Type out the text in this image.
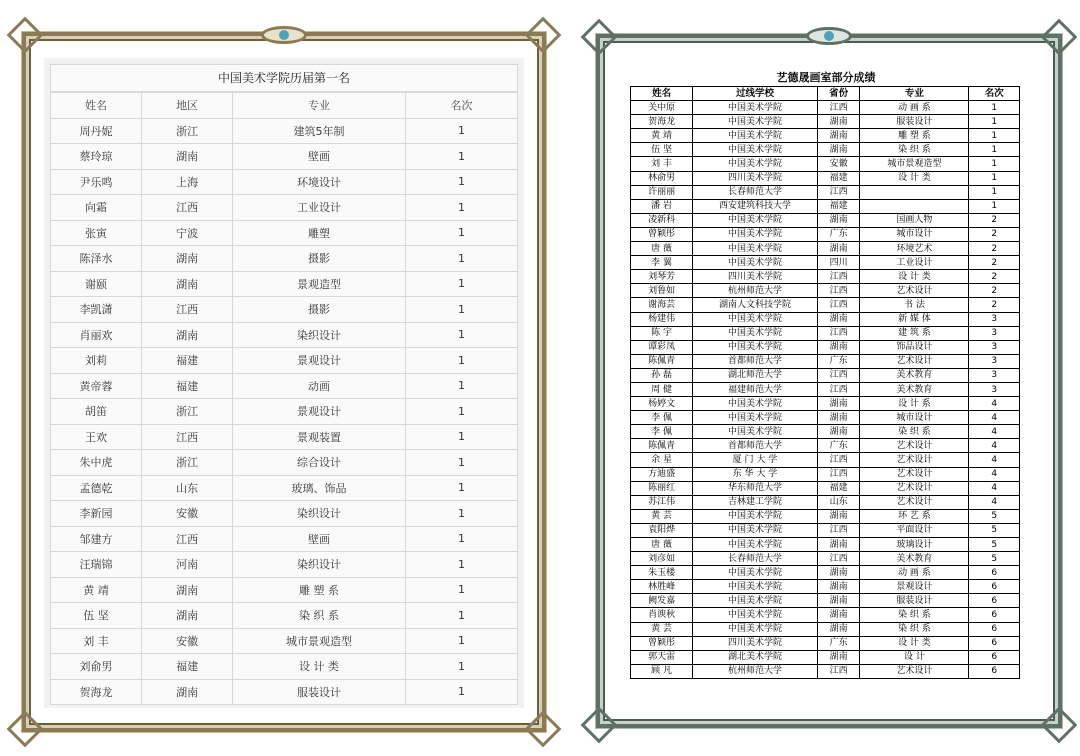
中国美术学院历届第一名
姓名	地区	专业	名次
周丹妮	浙江	建筑5年制	1
蔡玲琼	湖南	壁画	1
尹乐鸣	上海	环境设计	1
向霜	江西	工业设计	1
张寅	宁波	雕塑	1
陈泽水	湖南	摄影	1
谢颐	湖南	景观造型	1
李凯潇	江西	摄影	1
肖丽欢	湖南	染织设计	1
刘莉	福建	景观设计	1
黄帝蓉	福建	动画	1
胡笛	浙江	景观设计	1
王欢	江西	景观装置	1
朱中虎	浙江	综合设计	1
孟德乾	山东	玻璃、饰品	1
李新园	安徽	染织设计	1
邹建方	江西	壁画	1
汪瑞锦	河南	染织设计	1
黄 靖	湖南	雕 塑 系	1
伍 坚	湖南	染 织 系	1
刘 丰	安徽	城市景观造型	1
刘俞男	福建	设 计 类	1
贺海龙	湖南	服装设计	1
艺德晟画室部分成绩
姓名	过线学校	省份	专业	名次
关中原	中国美术学院	江西	动 画 系	1
贺海龙	中国美术学院	湖南	服装设计	1
黄 靖	中国美术学院	湖南	雕 塑 系	1
伍 坚	中国美术学院	湖南	染 织 系	1
刘 丰	中国美术学院	安徽	城市景观造型	1
林俞男	四川美术学院	福建	设 计 类	1
许丽丽	长春师范大学	江西		1
潘 岩	西安建筑科技大学	福建		1
凌新科	中国美术学院	湖南	国画人物	2
曾颖彤	中国美术学院	广东	城市设计	2
唐 薇	中国美术学院	湖南	环境艺术	2
李 翼	中国美术学院	四川	工业设计	2
刘琴芳	四川美术学院	江西	设 计 类	2
刘鲁如	杭州师范大学	江西	艺术设计	2
谢海芸	湖南人文科技学院	江西	书 法	2
杨建伟	中国美术学院	湖南	新 媒 体	3
陈 宇	中国美术学院	江西	建 筑 系	3
谭彩凤	中国美术学院	湖南	饰品设计	3
陈佩青	首都师范大学	广东	艺术设计	3
孙 磊	湖北师范大学	江西	美术教育	3
周 健	福建师范大学	江西	美术教育	3
杨婷文	中国美术学院	湖南	设 计 系	4
李 佩	中国美术学院	湖南	城市设计	4
李 佩	中国美术学院	湖南	染 织 系	4
陈佩青	首都师范大学	广东	艺术设计	4
余 星	厦 门 大 学	江西	艺术设计	4
方迪盛	东 华 大 学	江西	艺术设计	4
陈丽红	华东师范大学	福建	艺术设计	4
苏江伟	吉林建工学院	山东	艺术设计	4
黄 芸	中国美术学院	湖南	环 艺 系	5
袁阳烨	中国美术学院	江西	平面设计	5
唐 薇	中国美术学院	湖南	玻璃设计	5
刘彦如	长春师范大学	江西	美术教育	5
朱玉楼	中国美术学院	湖南	动 画 系	6
林胜峰	中国美术学院	湖南	景观设计	6
阙发嘉	中国美术学院	湖南	服装设计	6
肖谀秋	中国美术学院	湖南	染 织 系	6
黄 芸	中国美术学院	湖南	染 织 系	6
曾颖彤	四川美术学院	广东	设 计 类	6
郭天雷	湖北美术学院	湖南	设 计	6
顾 凡	杭州师范大学	江西	艺术设计	6
